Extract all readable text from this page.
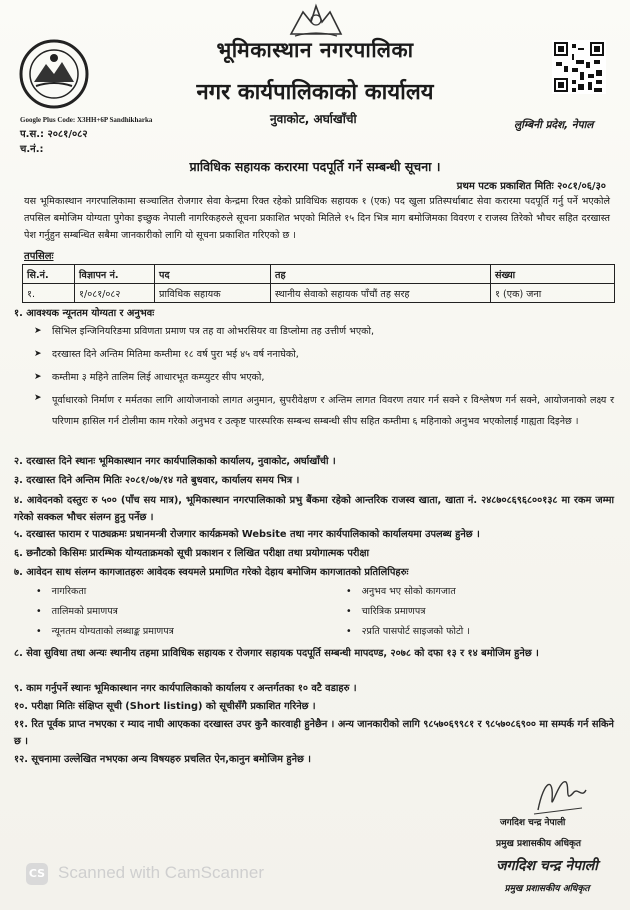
भूमिकास्थान नगरपालिका
नगर कार्यपालिकाको कार्यालय
नुवाकोट, अर्घाखाँची	लुम्बिनी प्रदेश, नेपाल
Google Plus Code: X3HH+6P Sandhikharka
प.स.: २०८१/०८२
च.नं.:
प्राविधिक सहायक करारमा पदपूर्ति गर्ने सम्बन्धी सूचना ।
प्रथम पटक प्रकाशित मितिः २०८१/०६/३०
यस भूमिकास्थान नगरपालिकामा सञ्चालित रोजगार सेवा केन्द्रमा रिक्त रहेको प्राविधिक सहायक १ (एक) पद खुला प्रतिस्पर्धाबाट सेवा करारमा पदपूर्ति गर्नु पर्ने भएकोले तपसिल बमोजिम योग्यता पुगेका इच्छुक नेपाली नागरिकहरुले सूचना प्रकाशित भएको मितिले १५ दिन भित्र माग बमोजिमका विवरण र राजस्व तिरेको भौचर सहित दरखास्त पेश गर्नुहुन सम्बन्धित सबैमा जानकारीको लागि यो सूचना प्रकाशित गरिएको छ ।
तपसिलः
सि.नं.	विज्ञापन नं.	पद	तह	संख्या
१.	१/०८१/०८२	प्राविधिक सहायक	स्थानीय सेवाको सहायक पाँचौं तह सरह	१ (एक) जना
१. आवश्यक न्यूनतम योग्यता र अनुभवः
➤	सिभिल इन्जिनियरिङमा प्रविणता प्रमाण पत्र तह वा ओभरसियर वा डिप्लोमा तह उत्तीर्ण भएको,
➤	दरखास्त दिने अन्तिम मितिमा कम्तीमा १८ वर्ष पुरा भई ४५ वर्ष ननाघेको,
➤	कम्तीमा ३ महिने तालिम लिई आधारभूत कम्प्युटर सीप भएको,
➤	पूर्वाधारको निर्माण र मर्मतका लागि आयोजनाको लागत अनुमान, सुपरीवेक्षण र अन्तिम लागत विवरण तयार गर्न सक्ने र विश्लेषण गर्न सक्ने, आयोजनाको लक्ष्य र परिणाम हासिल गर्न टोलीमा काम गरेको अनुभव र उत्कृष्ट पारस्परिक सम्बन्ध सम्बन्धी सीप सहित कम्तीमा ६ महिनाको अनुभव भएकोलाई गाह्यता दिइनेछ ।
२. दरखास्त दिने स्थानः भूमिकास्थान नगर कार्यपालिकाको कार्यालय, नुवाकोट, अर्घाखाँची ।
३. दरखास्त दिने अन्तिम मितिः २०८१/०७/१४ गते बुधवार, कार्यालय समय भित्र ।
४. आवेदनको दस्तुरः रु ५०० (पाँच सय मात्र), भूमिकास्थान नगरपालिकाको प्रभु बैंकमा रहेको आन्तरिक राजस्व खाता, खाता नं. २४८७०८६९६८००१३८ मा रकम जम्मा गरेको सक्कल भौचर संलग्न हुनु पर्नेछ ।
५. दरखास्त फाराम र पाठ्यक्रमः प्रधानमन्त्री रोजगार कार्यक्रमको Website तथा नगर कार्यपालिकाको कार्यालयमा उपलब्ध हुनेछ ।
६. छनौटको किसिमः प्रारम्भिक योग्यताक्रमको सूची प्रकाशन र लिखित परीक्षा तथा प्रयोगात्मक परीक्षा
७. आवेदन साथ संलग्न कागजातहरुः आवेदक स्वयमले प्रमाणित गरेको देहाय बमोजिम कागजातको प्रतिलिपिहरुः
• नागरिकता
• तालिमको प्रमाणपत्र
• न्यूनतम योग्यताको लब्धाङ्क प्रमाणपत्र
• अनुभव भए सोको कागजात
• चारित्रिक प्रमाणपत्र
• २प्रति पासपोर्ट साइजको फोटो ।
८. सेवा सुविधा तथा अन्यः स्थानीय तहमा प्राविधिक सहायक र रोजगार सहायक पदपूर्ति सम्बन्धी मापदण्ड, २०७८ को दफा १३ र १४ बमोजिम हुनेछ ।
९. काम गर्नुपर्ने स्थानः भूमिकास्थान नगर कार्यपालिकाको कार्यालय र अन्तर्गतका १० वटै वडाहरु ।
१०. परीक्षा मितिः संक्षिप्त सूची (Short listing) को सूचीसँगै प्रकाशित गरिनेछ ।
११. रित पूर्वक प्राप्त नभएका र म्याद नाघी आएकका दरखास्त उपर कुनै कारवाही हुनेछैन । अन्य जानकारीको लागि ९८५७०६९९८१ र ९८५७०८६९०० मा सम्पर्क गर्न सकिने छ ।
१२. सूचनामा उल्लेखित नभएका अन्य विषयहरु प्रचलित ऐन,कानुन बमोजिम हुनेछ ।
जगदिश चन्द्र नेपाली
प्रमुख प्रशासकीय अधिकृत
जगदिश चन्द्र नेपाली
प्रमुख प्रशासकीय अधिकृत
CS Scanned with CamScanner
